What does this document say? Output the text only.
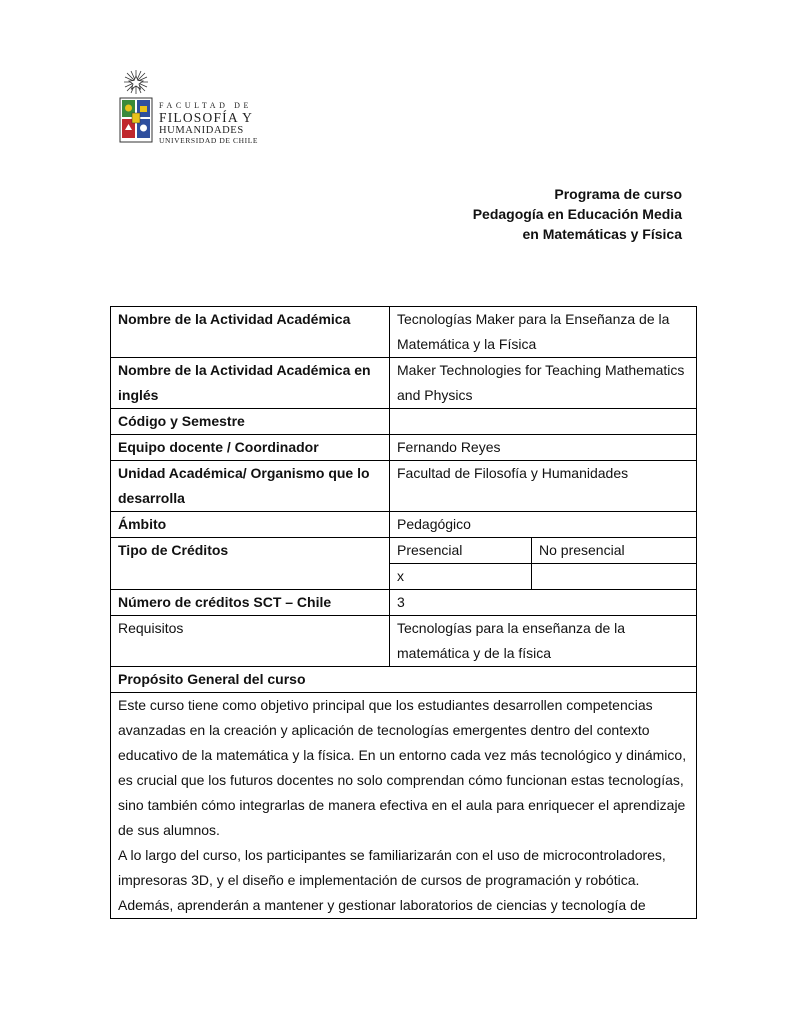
FACULTAD DE
FILOSOFÍA Y
HUMANIDADES
UNIVERSIDAD DE CHILE
Programa de curso
Pedagogía en Educación Media
en Matemáticas y Física
Nombre de la Actividad Académica	Tecnologías Maker para la Enseñanza de la Matemática y la Física	
Nombre de la Actividad Académica en inglés	Maker Technologies for Teaching Mathematics and Physics	
Código y Semestre		
Equipo docente / Coordinador	Fernando Reyes	
Unidad Académica/ Organismo que lo desarrolla	Facultad de Filosofía y Humanidades	
Ámbito	Pedagógico	
Tipo de Créditos	Presencial	No presencial
	x	
Número de créditos SCT – Chile	3	
Requisitos	Tecnologías para la enseñanza de la matemática y de la física	
Propósito General del curso		

Este curso tiene como objetivo principal que los estudiantes desarrollen competencias avanzadas en la creación y aplicación de tecnologías emergentes dentro del contexto educativo de la matemática y la física. En un entorno cada vez más tecnológico y dinámico, es crucial que los futuros docentes no solo comprendan cómo funcionan estas tecnologías, sino también cómo integrarlas de manera efectiva en el aula para enriquecer el aprendizaje de sus alumnos.
A lo largo del curso, los participantes se familiarizarán con el uso de microcontroladores, impresoras 3D, y el diseño e implementación de cursos de programación y robótica. Además, aprenderán a mantener y gestionar laboratorios de ciencias y tecnología de		
